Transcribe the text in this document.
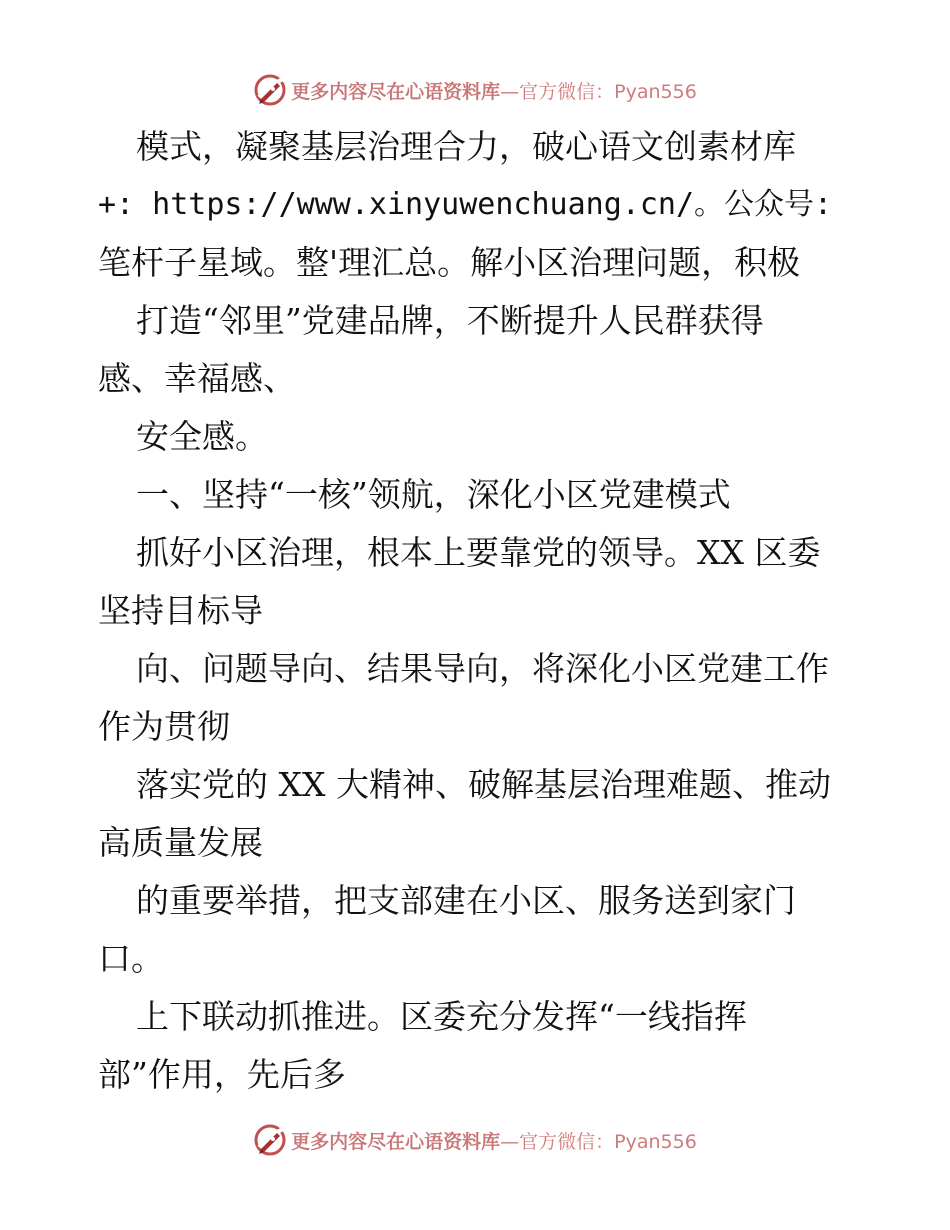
更多内容尽在心语资料库 —官方微信：Pyan556
模式，凝聚基层治理合力，破心语文创素材库
+: https://www.xinyuwenchuang.cn/。公众号:
笔杆子星域。整'理汇总。解小区治理问题，积极
打造“邻里”党建品牌，不断提升人民群获得
感、幸福感、
安全感。
一、坚持“一核”领航，深化小区党建模式
抓好小区治理，根本上要靠党的领导。XX 区委
坚持目标导
向、问题导向、结果导向，将深化小区党建工作
作为贯彻
落实党的 XX 大精神、破解基层治理难题、推动
高质量发展
的重要举措，把支部建在小区、服务送到家门
口。
上下联动抓推进。区委充分发挥“一线指挥
部”作用，先后多
更多内容尽在心语资料库 —官方微信：Pyan556
